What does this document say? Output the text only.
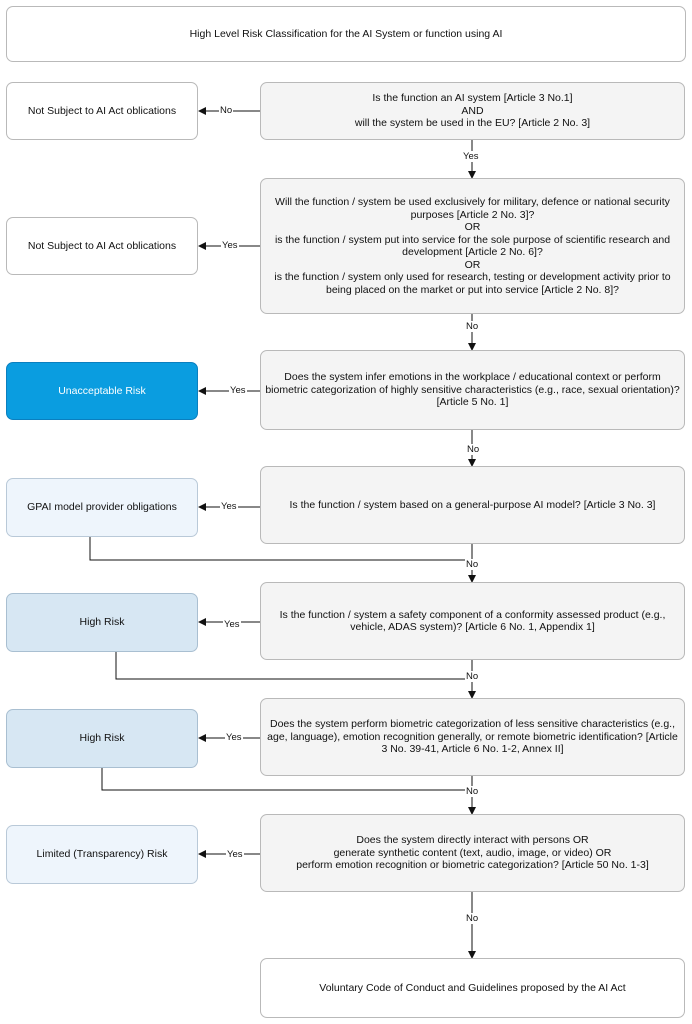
High Level Risk Classification for the AI System or function using AI
Is the function an AI system [Article 3 No.1]
AND
will the system be used in the EU? [Article 2 No. 3]
Will the function / system be used exclusively for military, defence or national security purposes [Article 2 No. 3]?
OR
is the function / system put into service for the sole purpose of scientific research and development [Article 2 No. 6]?
OR
is the function / system only used for research, testing or development activity prior to being placed on the market or put into service [Article 2 No. 8]?
Does the system infer emotions in the workplace / educational context or perform biometric categorization of highly sensitive characteristics (e.g., race, sexual orientation)? [Article 5 No. 1]
Is the function / system based on a general-purpose AI model? [Article 3 No. 3]
Is the function / system a safety component of a conformity assessed product (e.g., vehicle, ADAS system)? [Article 6 No. 1, Appendix 1]
Does the system perform biometric categorization of less sensitive characteristics (e.g., age, language), emotion recognition generally, or remote biometric identification? [Article 3 No. 39-41, Article 6 No. 1-2, Annex II]
Does the system directly interact with persons OR
generate synthetic content (text, audio, image, or video) OR
perform emotion recognition or biometric categorization? [Article 50 No. 1-3]
Voluntary Code of Conduct and Guidelines proposed by the AI Act
Not Subject to AI Act oblications
Not Subject to AI Act oblications
Unacceptable Risk
GPAI model provider obligations
High Risk
High Risk
Limited (Transparency) Risk
No
Yes
Yes
Yes
Yes
Yes
Yes
Yes
No
No
No
No
No
No
